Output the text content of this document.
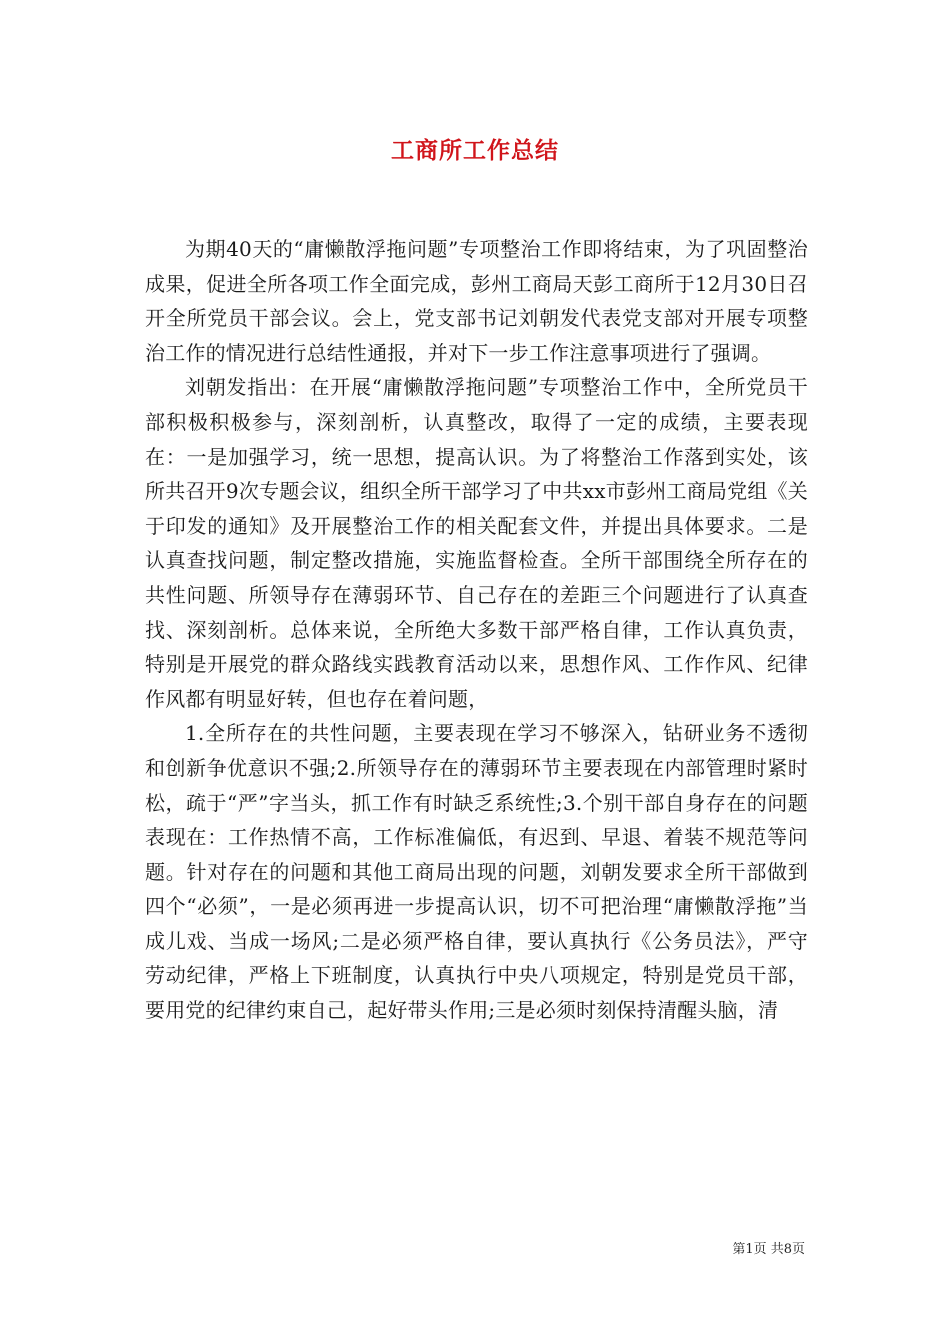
工商所工作总结

为期40天的“庸懒散浮拖问题”专项整治工作即将结束，为了巩固整治成果，促进全所各项工作全面完成，彭州工商局天彭工商所于12月30日召开全所党员干部会议。会上，党支部书记刘朝发代表党支部对开展专项整治工作的情况进行总结性通报，并对下一步工作注意事项进行了强调。

刘朝发指出：在开展“庸懒散浮拖问题”专项整治工作中，全所党员干部积极积极参与，深刻剖析，认真整改，取得了一定的成绩，主要表现在：一是加强学习，统一思想，提高认识。为了将整治工作落到实处，该所共召开9次专题会议，组织全所干部学习了中共xx市彭州工商局党组《关于印发的通知》及开展整治工作的相关配套文件，并提出具体要求。二是认真查找问题，制定整改措施，实施监督检查。全所干部围绕全所存在的共性问题、所领导存在薄弱环节、自己存在的差距三个问题进行了认真查找、深刻剖析。总体来说，全所绝大多数干部严格自律，工作认真负责，特别是开展党的群众路线实践教育活动以来，思想作风、工作作风、纪律作风都有明显好转，但也存在着问题，

1.全所存在的共性问题，主要表现在学习不够深入，钻研业务不透彻和创新争优意识不强;2.所领导存在的薄弱环节主要表现在内部管理时紧时松，疏于“严”字当头，抓工作有时缺乏系统性;3.个别干部自身存在的问题表现在：工作热情不高，工作标准偏低，有迟到、早退、着装不规范等问题。针对存在的问题和其他工商局出现的问题，刘朝发要求全所干部做到四个“必须”，一是必须再进一步提高认识，切不可把治理“庸懒散浮拖”当成儿戏、当成一场风;二是必须严格自律，要认真执行《公务员法》，严守劳动纪律，严格上下班制度，认真执行中央八项规定，特别是党员干部，要用党的纪律约束自己，起好带头作用;三是必须时刻保持清醒头脑，清

第1页 共8页
